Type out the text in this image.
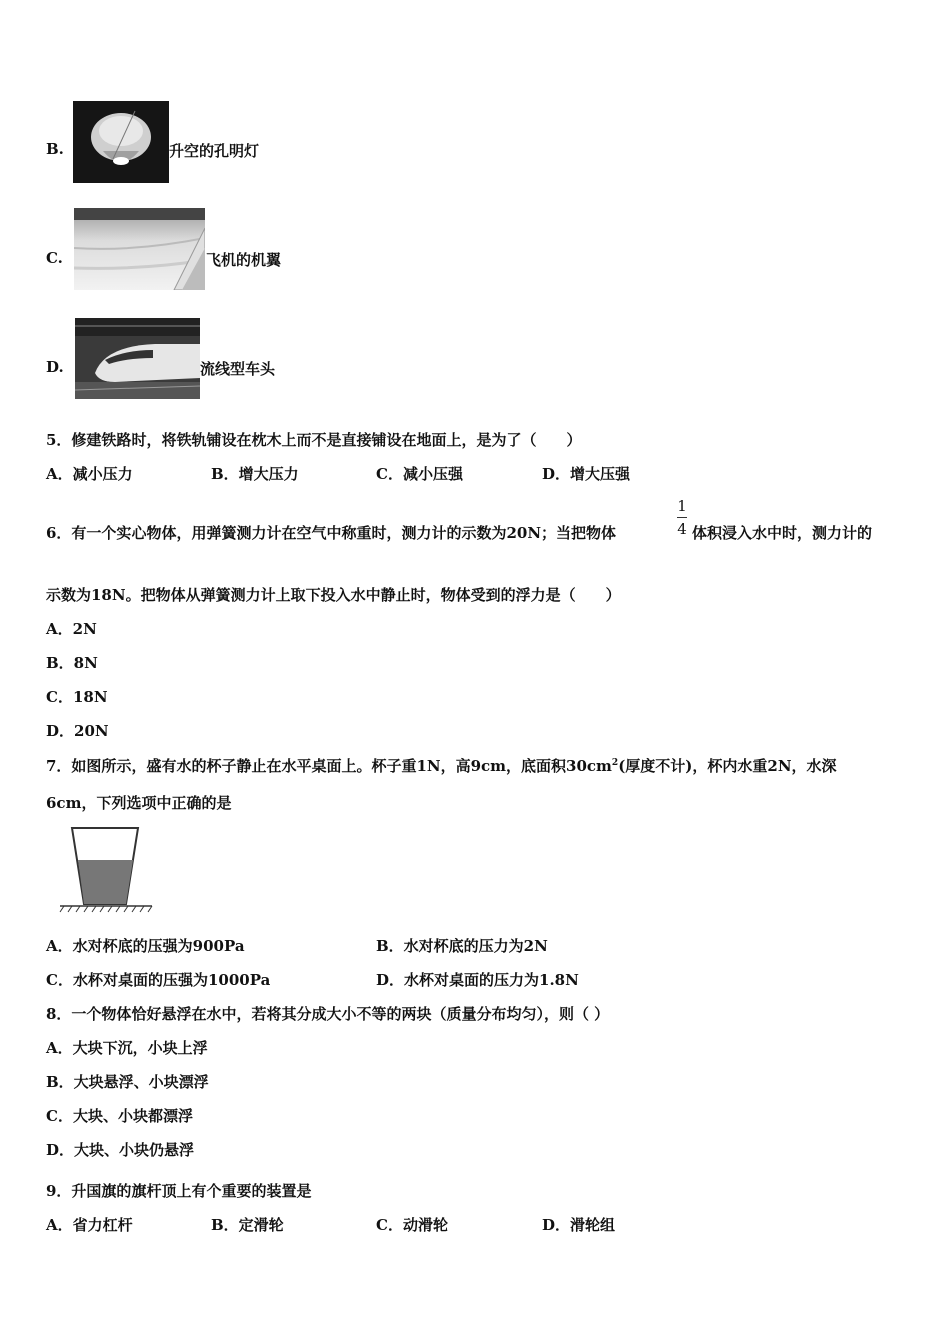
B.	升空的孔明灯
C.	飞机的机翼
D.	流线型车头
5．修建铁路时，将铁轨铺设在枕木上而不是直接铺设在地面上，是为了（　　）
A．减小压力	B．增大压力	C．减小压强	D．增大压强
6．有一个实心物体，用弹簧测力计在空气中称重时，测力计的示数为20N；当把物体
1
4 体积浸入水中时，测力计的
示数为18N。把物体从弹簧测力计上取下投入水中静止时，物体受到的浮力是（　　）
A．2N
B．8N
C．18N
D．20N
7．如图所示，盛有水的杯子静止在水平桌面上。杯子重1N，高9cm，底面积$30cm^2$(厚度不计)，杯内水重2N，水深
6cm，下列选项中正确的是
A．水对杯底的压强为900Pa	B．水对杯底的压力为2N
C．水杯对桌面的压强为1000Pa	D．水杯对桌面的压力为1.8N
8．一个物体恰好悬浮在水中，若将其分成大小不等的两块（质量分布均匀），则（ ）
A．大块下沉，小块上浮
B．大块悬浮、小块漂浮
C．大块、小块都漂浮
D．大块、小块仍悬浮
9．升国旗的旗杆顶上有个重要的装置是
A．省力杠杆	B．定滑轮	C．动滑轮	D．滑轮组
